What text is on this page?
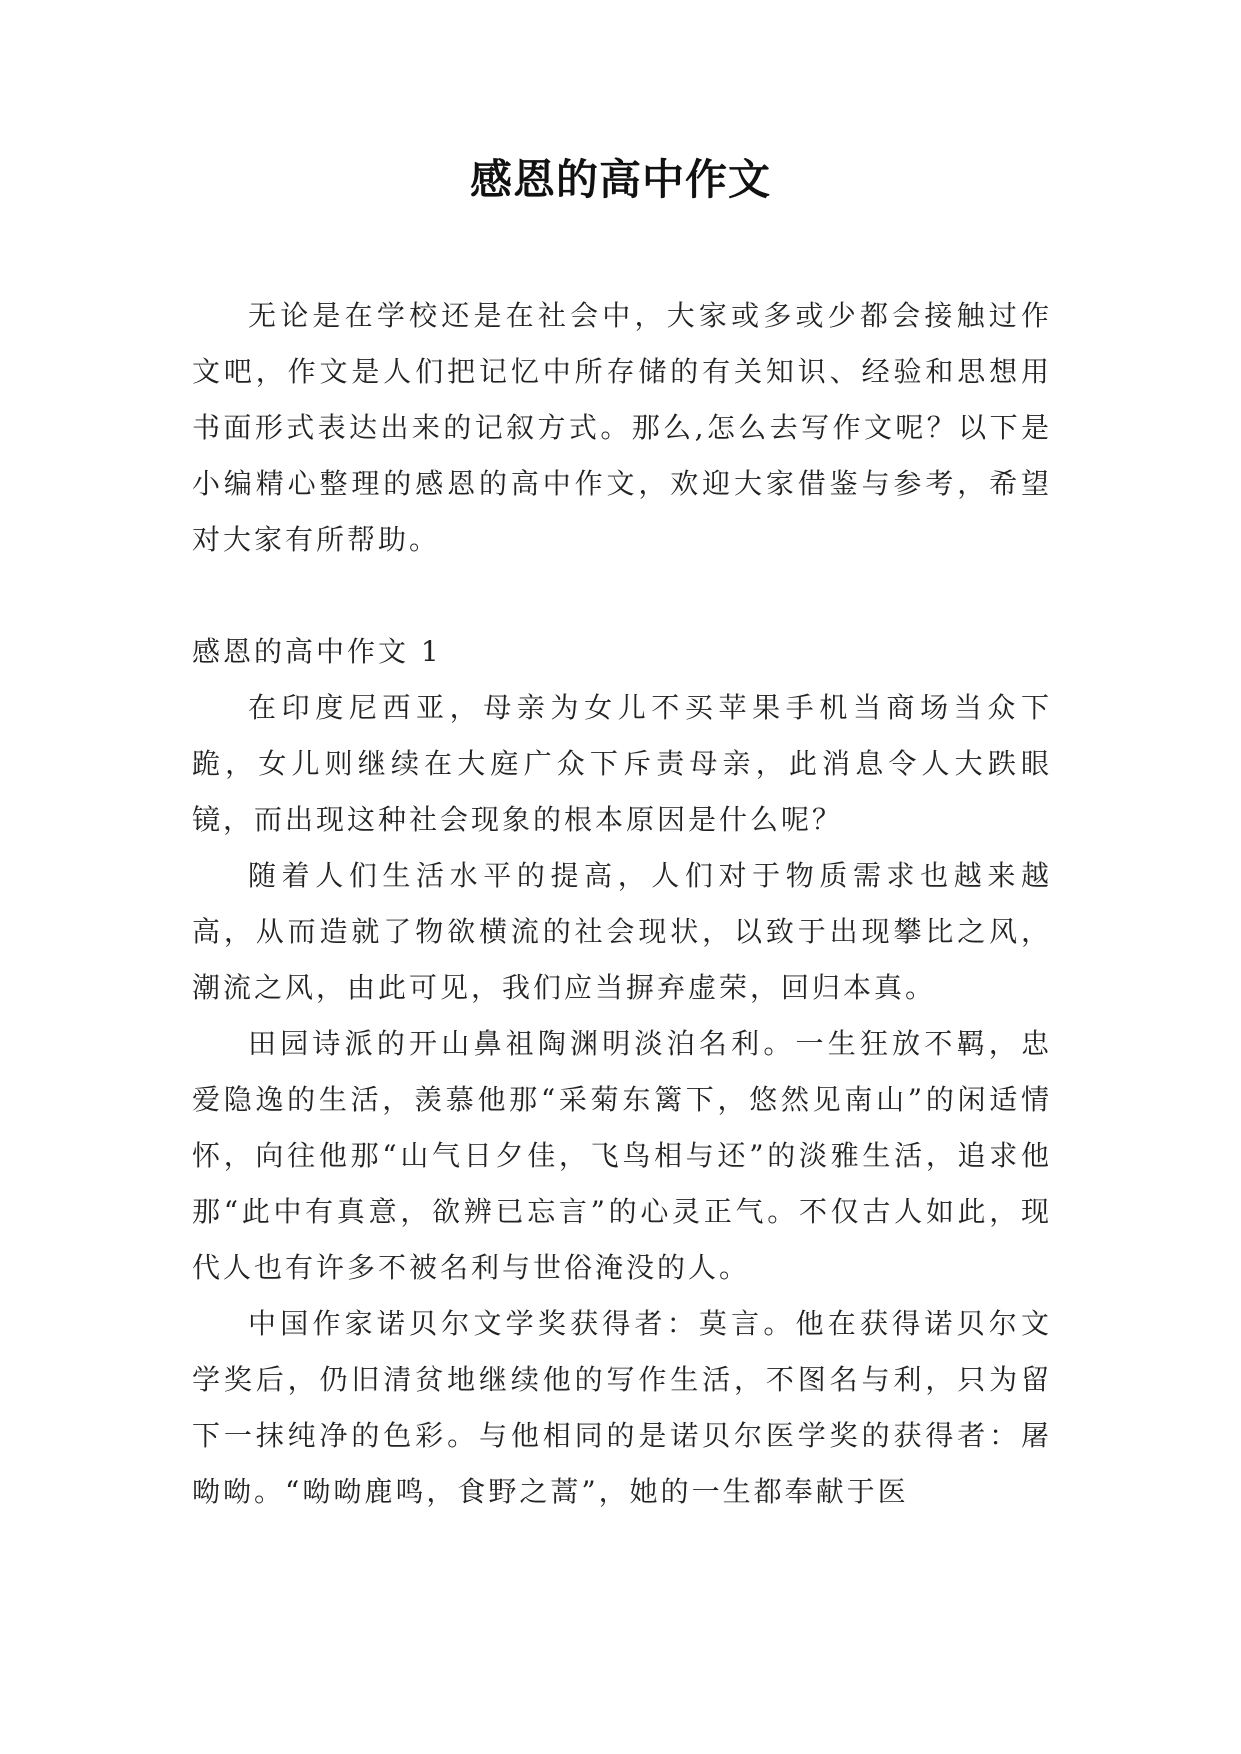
感恩的高中作文

无论是在学校还是在社会中，大家或多或少都会接触过作文吧，作文是人们把记忆中所存储的有关知识、经验和思想用书面形式表达出来的记叙方式。那么,怎么去写作文呢？以下是小编精心整理的感恩的高中作文，欢迎大家借鉴与参考，希望对大家有所帮助。

感恩的高中作文 1

在印度尼西亚，母亲为女儿不买苹果手机当商场当众下跪，女儿则继续在大庭广众下斥责母亲，此消息令人大跌眼镜，而出现这种社会现象的根本原因是什么呢？

随着人们生活水平的提高，人们对于物质需求也越来越高，从而造就了物欲横流的社会现状，以致于出现攀比之风，潮流之风，由此可见，我们应当摒弃虚荣，回归本真。

田园诗派的开山鼻祖陶渊明淡泊名利。一生狂放不羁，忠爱隐逸的生活，羡慕他那“采菊东篱下，悠然见南山”的闲适情怀，向往他那“山气日夕佳，飞鸟相与还”的淡雅生活，追求他那“此中有真意，欲辨已忘言”的心灵正气。不仅古人如此，现代人也有许多不被名利与世俗淹没的人。

中国作家诺贝尔文学奖获得者：莫言。他在获得诺贝尔文学奖后，仍旧清贫地继续他的写作生活，不图名与利，只为留下一抹纯净的色彩。与他相同的是诺贝尔医学奖的获得者：屠呦呦。“呦呦鹿鸣，食野之蒿”，她的一生都奉献于医
